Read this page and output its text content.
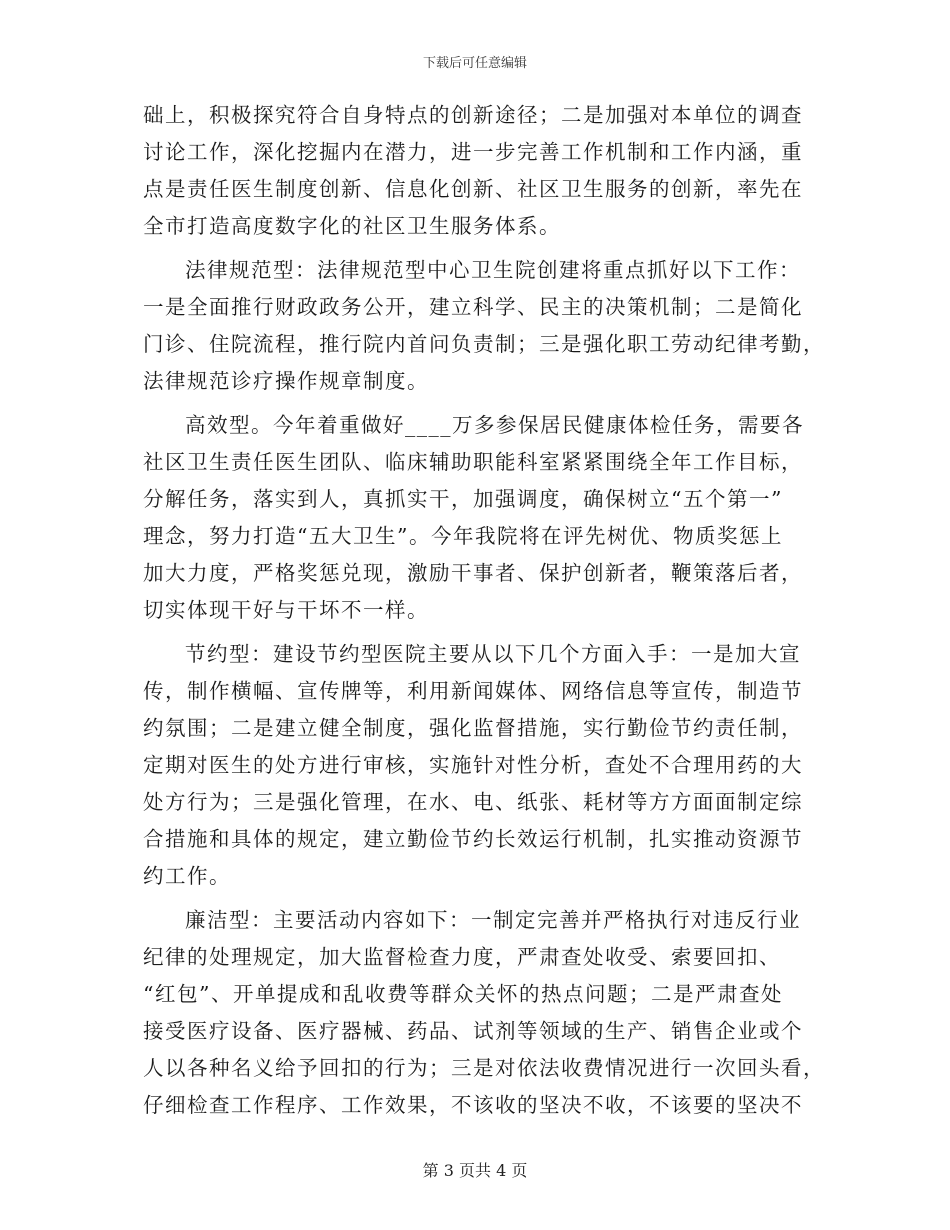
下载后可任意编辑
础上，积极探究符合自身特点的创新途径；二是加强对本单位的调查
讨论工作，深化挖掘内在潜力，进一步完善工作机制和工作内涵，重
点是责任医生制度创新、信息化创新、社区卫生服务的创新，率先在
全市打造高度数字化的社区卫生服务体系。
法律规范型：法律规范型中心卫生院创建将重点抓好以下工作：
一是全面推行财政政务公开，建立科学、民主的决策机制；二是简化
门诊、住院流程，推行院内首问负责制；三是强化职工劳动纪律考勤，
法律规范诊疗操作规章制度。
高效型。今年着重做好____万多参保居民健康体检任务，需要各
社区卫生责任医生团队、临床辅助职能科室紧紧围绕全年工作目标，
分解任务，落实到人，真抓实干，加强调度，确保树立“五个第一”
理念，努力打造“五大卫生”。今年我院将在评先树优、物质奖惩上
加大力度，严格奖惩兑现，激励干事者、保护创新者，鞭策落后者，
切实体现干好与干坏不一样。
节约型：建设节约型医院主要从以下几个方面入手：一是加大宣
传，制作横幅、宣传牌等，利用新闻媒体、网络信息等宣传，制造节
约氛围；二是建立健全制度，强化监督措施，实行勤俭节约责任制，
定期对医生的处方进行审核，实施针对性分析，查处不合理用药的大
处方行为；三是强化管理，在水、电、纸张、耗材等方方面面制定综
合措施和具体的规定，建立勤俭节约长效运行机制，扎实推动资源节
约工作。
廉洁型：主要活动内容如下：一制定完善并严格执行对违反行业
纪律的处理规定，加大监督检查力度，严肃查处收受、索要回扣、
“红包”、开单提成和乱收费等群众关怀的热点问题；二是严肃查处
接受医疗设备、医疗器械、药品、试剂等领域的生产、销售企业或个
人以各种名义给予回扣的行为；三是对依法收费情况进行一次回头看，
仔细检查工作程序、工作效果，不该收的坚决不收，不该要的坚决不
第 3 页共 4 页
